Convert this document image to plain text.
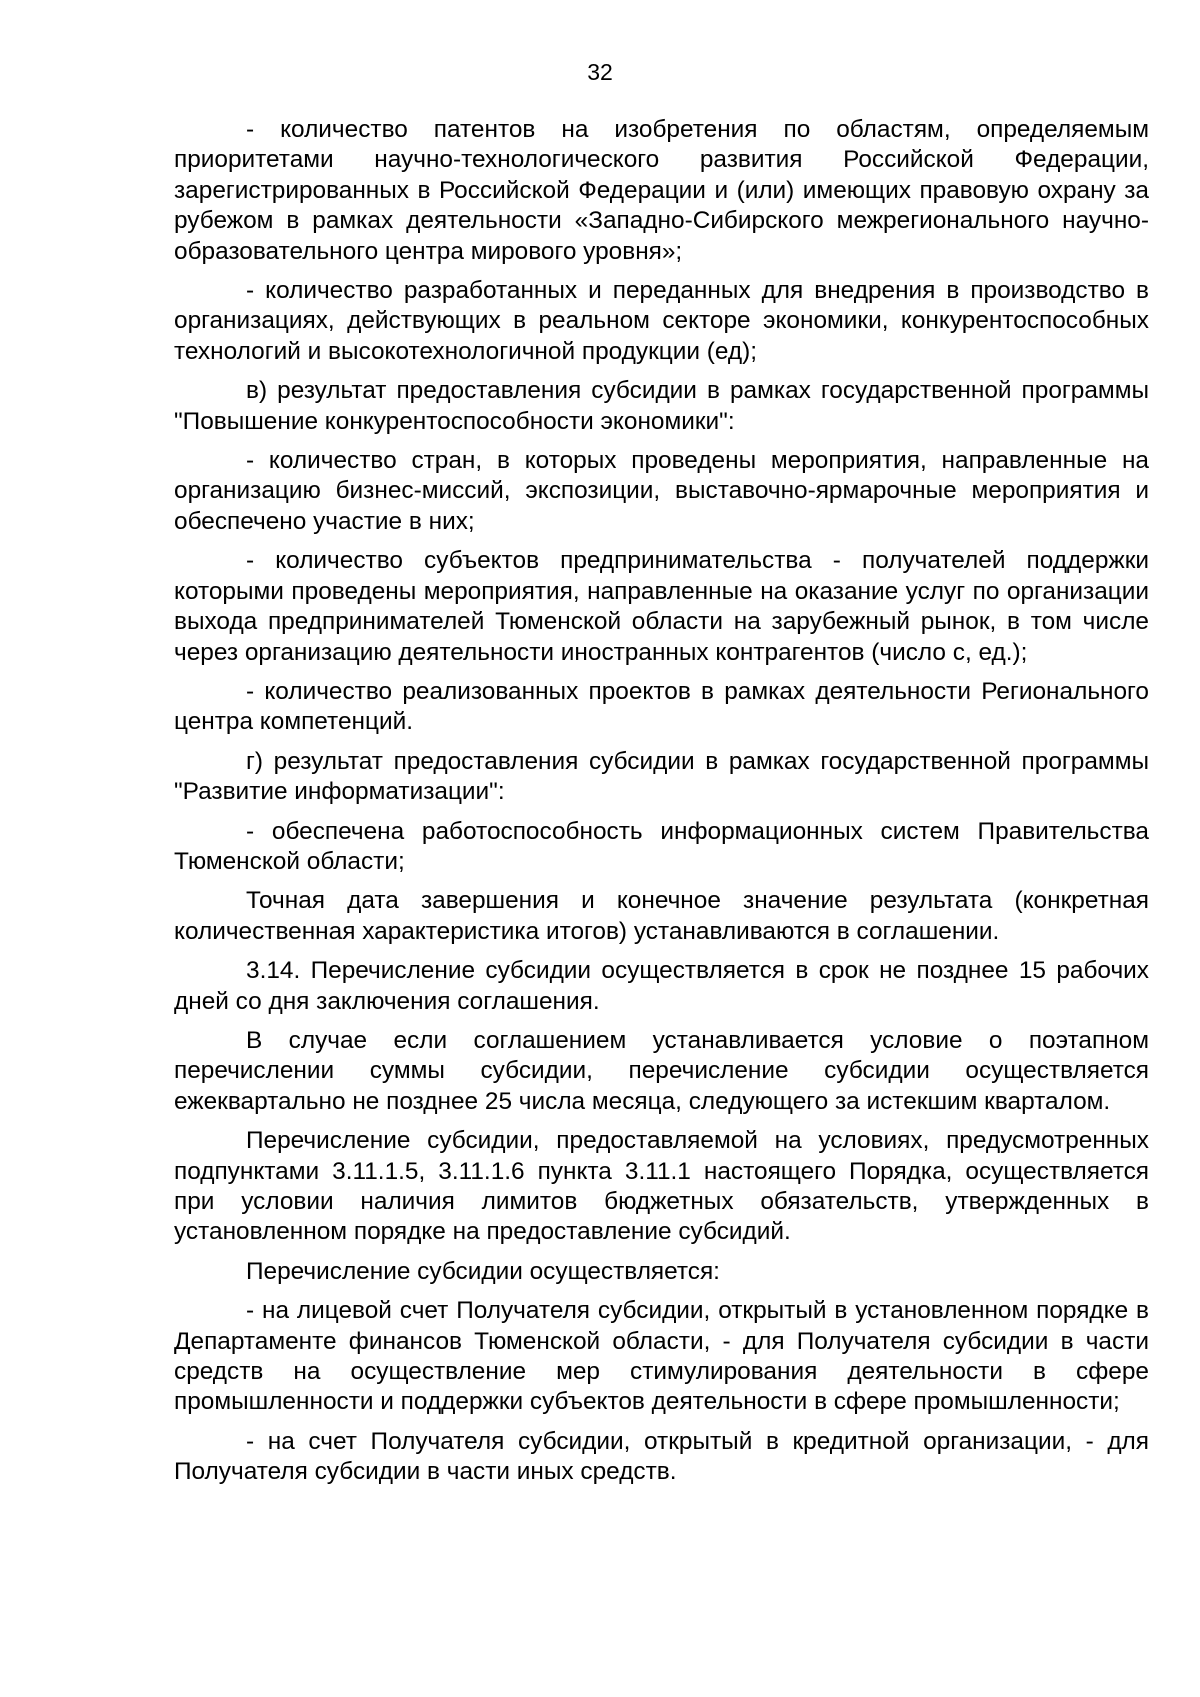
32

- количество патентов на изобретения по областям, определяемым приоритетами научно-технологического развития Российской Федерации, зарегистрированных в Российской Федерации и (или) имеющих правовую охрану за рубежом в рамках деятельности «Западно-Сибирского межрегионального научно-образовательного центра мирового уровня»;

- количество разработанных и переданных для внедрения в производство в организациях, действующих в реальном секторе экономики, конкурентоспособных технологий и высокотехнологичной продукции (ед);

в) результат предоставления субсидии в рамках государственной программы "Повышение конкурентоспособности экономики":

- количество стран, в которых проведены мероприятия, направленные на организацию бизнес-миссий, экспозиции, выставочно-ярмарочные мероприятия и обеспечено участие в них;

- количество субъектов предпринимательства - получателей поддержки которыми проведены мероприятия, направленные на оказание услуг по организации выхода предпринимателей Тюменской области на зарубежный рынок, в том числе через организацию деятельности иностранных контрагентов (число с, ед.);

- количество реализованных проектов в рамках деятельности Регионального центра компетенций.

г) результат предоставления субсидии в рамках государственной программы "Развитие информатизации":

- обеспечена работоспособность информационных систем Правительства Тюменской области;

Точная дата завершения и конечное значение результата (конкретная количественная характеристика итогов) устанавливаются в соглашении.

3.14. Перечисление субсидии осуществляется в срок не позднее 15 рабочих дней со дня заключения соглашения.

В случае если соглашением устанавливается условие о поэтапном перечислении суммы субсидии, перечисление субсидии осуществляется ежеквартально не позднее 25 числа месяца, следующего за истекшим кварталом.

Перечисление субсидии, предоставляемой на условиях, предусмотренных подпунктами 3.11.1.5, 3.11.1.6 пункта 3.11.1 настоящего Порядка, осуществляется при условии наличия лимитов бюджетных обязательств, утвержденных в установленном порядке на предоставление субсидий.

Перечисление субсидии осуществляется:

- на лицевой счет Получателя субсидии, открытый в установленном порядке в Департаменте финансов Тюменской области, - для Получателя субсидии в части средств на осуществление мер стимулирования деятельности в сфере промышленности и поддержки субъектов деятельности в сфере промышленности;

- на счет Получателя субсидии, открытый в кредитной организации, - для Получателя субсидии в части иных средств.
